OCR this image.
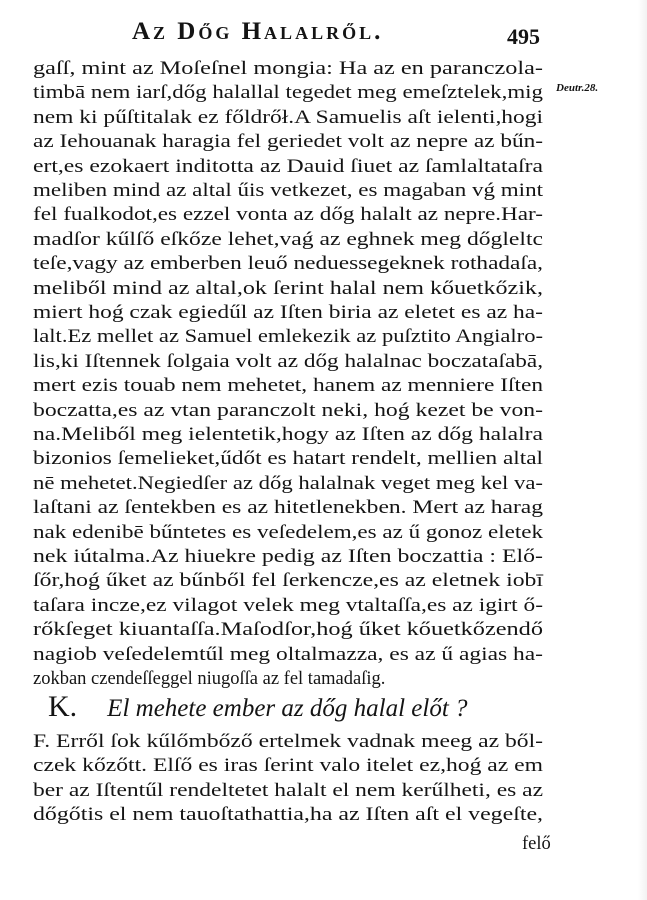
Az Dőg Halalről.	495
Deutr.28.
gaſſ, mint az Moſeſnel mongia: Ha az en paranczola-
timbā nem iarſ,dőg halallal tegedet meg emeſztelek,mig
nem ki pűſtitalak ez főldrőł.A Samuelis aſt ielenti,hogi
az Iehouanak haragia fel geriedet volt az nepre az bűn-
ert,es ezokaert inditotta az Dauid ſiuet az ſamlaltataſra
meliben mind az altal űis vetkezet, es magaban vǵ mint
fel fualkodot,es ezzel vonta az dőg halalt az nepre.Har-
madſor kűlſő eſkőze lehet,vaǵ az eghnek meg dőgleltc
teſe,vagy az emberben leuő neduessegeknek rothadaſa,
meliből mind az altal,ok ſerint halal nem kőuetkőzik,
miert hoǵ czak egiedűl az Iſten biria az eletet es az ha-
lalt.Ez mellet az Samuel emlekezik az puſztito Angialro-
lis,ki Iſtennek ſolgaia volt az dőg halalnac boczataſabā,
mert ezis touab nem mehetet, hanem az menniere Iſten
boczatta,es az vtan paranczolt neki, hoǵ kezet be von-
na.Meliből meg ielentetik,hogy az Iſten az dőg halalra
bizonios ſemelieket,űdőt es hatart rendelt, mellien altal
nē mehetet.Negiedſer az dőg halalnak veget meg kel va-
laſtani az ſentekben es az hitetlenekben. Mert az harag
nak edenibē bűntetes es veſedelem,es az ű gonoz eletek
nek iútalma.Az hiuekre pedig az Iſten boczattia : Elő-
ſőr,hoǵ űket az bűnből fel ſerkencze,es az eletnek iobī
taſara incze,ez vilagot velek meg vtaltaſſa,es az igirt ő-
rőkſeget kiuantaſſa.Maſodſor,hoǵ űket kőuetkőzendő
nagiob veſedelemtűl meg oltalmazza, es az ű agias ha-
zokban czendeſſeggel niugoſſa az fel tamadaſig.
K. El mehete ember az dőg halal előt ?
F. Erről ſok kűlőmbőző ertelmek vadnak meeg az ből-
czek kőzőtt. Elſő es iras ſerint valo itelet ez,hoǵ az em
ber az Iſtentűl rendeltetet halalt el nem kerűlheti, es az
dőgőtis el nem tauoſtathattia,ha az Iſten aſt el vegeſte,
felő
